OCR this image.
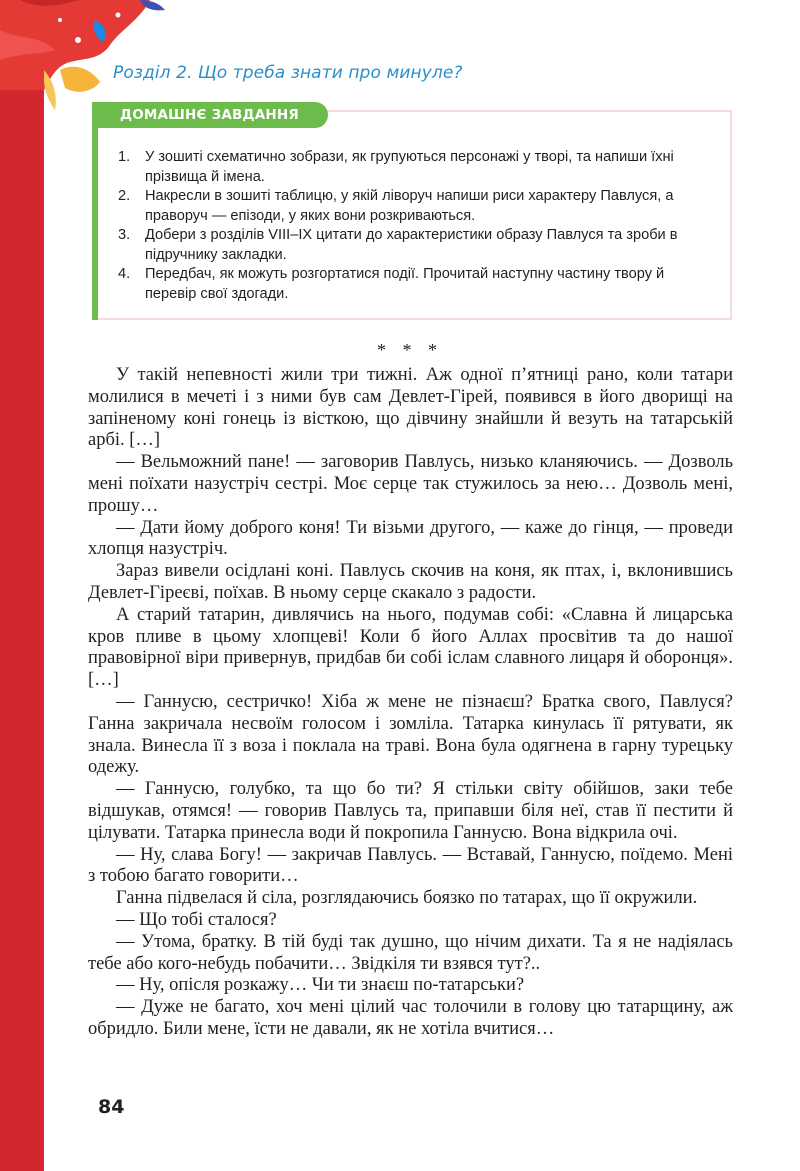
Розділ 2. Що треба знати про минуле?
ДОМАШНЄ ЗАВДАННЯ
1. У зошиті схематично зобрази, як групуються персонажі у творі, та напиши їхні прізвища й імена.
2. Накресли в зошиті таблицю, у якій ліворуч напиши риси характеру Павлуся, а праворуч — епізоди, у яких вони розкриваються.
3. Добери з розділів VIII–IX цитати до характеристики образу Павлуся та зроби в підручнику закладки.
4. Передбач, як можуть розгортатися події. Прочитай наступну частину твору й перевір свої здогади.
* * *

У такій непевності жили три тижні. Аж одної п’ятниці рано, коли татари молилися в мечеті і з ними був сам Девлет-Гірей, появився в його дворищі на запіненому коні гонець із вісткою, що дівчину знайшли й везуть на татарській арбі. […]

— Вельможний пане! — заговорив Павлусь, низько кланяючись. — Дозволь мені поїхати назустріч сестрі. Моє серце так стужилось за нею… Дозволь мені, прошу…

— Дати йому доброго коня! Ти візьми другого, — каже до гінця, — проведи хлопця назустріч.

Зараз вивели осідлані коні. Павлусь скочив на коня, як птах, і, вклонившись Девлет-Гіреєві, поїхав. В ньому серце скакало з радости.

А старий татарин, дивлячись на нього, подумав собі: «Славна й лицарська кров пливе в цьому хлопцеві! Коли б його Аллах просвітив та до нашої правовірної віри привернув, придбав би собі іслам славного лицаря й оборонця». […]

— Ганнусю, сестричко! Хіба ж мене не пізнаєш? Братка свого, Павлуся? Ганна закричала несвоїм голосом і зомліла. Татарка кинулась її рятувати, як знала. Винесла її з воза і поклала на траві. Вона була одягнена в гарну турецьку одежу.

— Ганнусю, голубко, та що бо ти? Я стільки світу обійшов, заки тебе відшукав, отямся! — говорив Павлусь та, припавши біля неї, став її пестити й цілувати. Татарка принесла води й покропила Ганнусю. Вона відкрила очі.

— Ну, слава Богу! — закричав Павлусь. — Вставай, Ганнусю, поїдемо. Мені з тобою багато говорити…

Ганна підвелася й сіла, розглядаючись боязко по татарах, що її окружили.

— Що тобі сталося?

— Утома, братку. В тій буді так душно, що нічим дихати. Та я не надіялась тебе або кого-небудь побачити… Звідкіля ти взявся тут?..

— Ну, опісля розкажу… Чи ти знаєш по-татарськи?

— Дуже не багато, хоч мені цілий час толочили в голову цю татарщину, аж обридло. Били мене, їсти не давали, як не хотіла вчитися…

84
